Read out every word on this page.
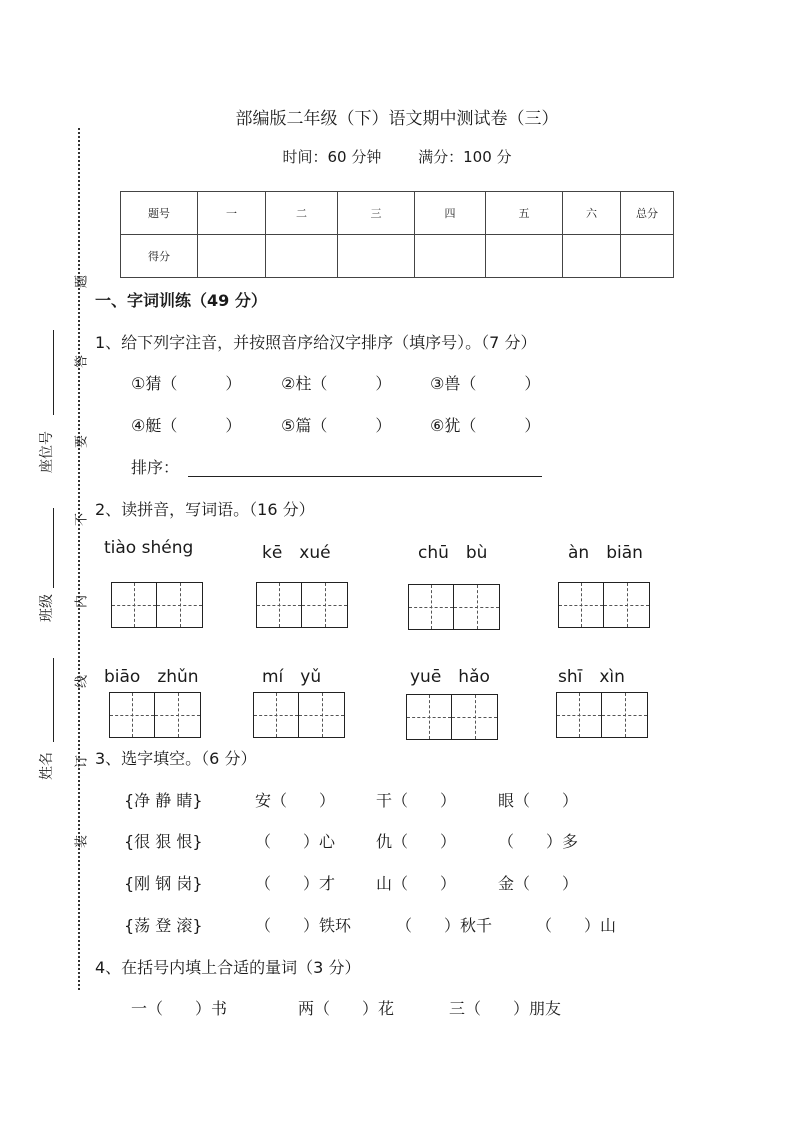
部编版二年级（下）语文期中测试卷（三）
时间：60 分钟 满分：100 分
题
答
要
不
内
线
订
装
座位号
班级
姓名
题号	一	二	三	四	五	六	总分
得分							
一、字词训练（49 分）
1、给下列字注音，并按照音序给汉字排序（填序号）。（7 分）
①猜（　　　） ②柱（　　　） ③兽（　　　）
④艇（　　　） ⑤篇（　　　） ⑥犹（　　　）
排序：
2、读拼音，写词语。（16 分）
tiào shéng	kē　xué	chū　bù	àn　biān
biāo　zhǔn	mí　yǔ	yuē　hǎo	shī　xìn
3、选字填空。（6 分）
{净 静 睛}	安（　　）	干（　　）	眼（　　）
{很 狠 恨}	（　　）心	仇（　　）	（　　）多
{刚 钢 岗}	（　　）才	山（　　）	金（　　）
{荡 登 滚}	（　　）铁环	（　　）秋千	（　　）山
4、在括号内填上合适的量词（3 分）
一（　　）书	两（　　）花	三（　　）朋友
